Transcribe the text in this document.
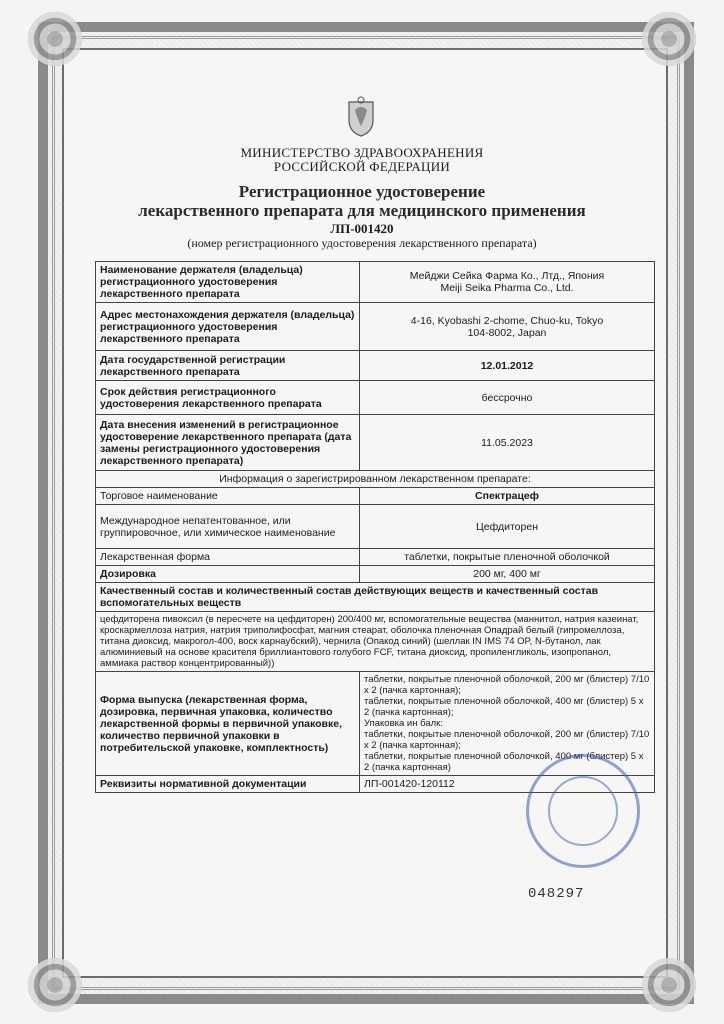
МИНИСТЕРСТВО ЗДРАВООХРАНЕНИЯ
РОССИЙСКОЙ ФЕДЕРАЦИИ
Регистрационное удостоверение
лекарственного препарата для медицинского применения
ЛП-001420
(номер регистрационного удостоверения лекарственного препарата)
Наименование держателя (владельца) регистрационного удостоверения лекарственного препарата	Мейджи Сейка Фарма Ко., Лтд., Япония
Meiji Seika Pharma Co., Ltd.

Адрес местонахождения держателя (владельца) регистрационного удостоверения лекарственного препарата	4-16, Kyobashi 2-chome, Chuo-ku, Tokyo
104-8002, Japan

Дата государственной регистрации лекарственного препарата	12.01.2012
Срок действия регистрационного удостоверения лекарственного препарата	бессрочно
Дата внесения изменений в регистрационное удостоверение лекарственного препарата (дата замены регистрационного удостоверения лекарственного препарата)	11.05.2023
Информация о зарегистрированном лекарственном препарате:	
Торговое наименование	Спектрацеф
Международное непатентованное, или группировочное, или химическое наименование	Цефдиторен
Лекарственная форма	таблетки, покрытые пленочной оболочкой
Дозировка	200 мг, 400 мг
Качественный состав и количественный состав действующих веществ и качественный состав вспомогательных веществ	
цефдиторена пивоксил (в пересчете на цефдиторен) 200/400 мг, вспомогательные вещества (маннитол, натрия казеинат, кроскармеллоза натрия, натрия триполифосфат, магния стеарат, оболочка пленочная Опадрай белый (гипромеллоза, титана диоксид, макрогол-400, воск карнаубский), чернила (Опакод синий) (шеллак IN IMS 74 OP, N-бутанол, лак алюминиевый на основе красителя бриллиантового голубого FCF, титана диоксид, пропиленгликоль, изопропанол, аммиака раствор концентрированный))	
Форма выпуска (лекарственная форма, дозировка, первичная упаковка, количество лекарственной формы в первичной упаковке, количество первичной упаковки в потребительской упаковке, комплектность)	таблетки, покрытые пленочной оболочкой, 200 мг (блистер) 7/10 х 2 (пачка картонная);
таблетки, покрытые пленочной оболочкой, 400 мг (блистер) 5 х 2 (пачка картонная);
Упаковка ин балк:
таблетки, покрытые пленочной оболочкой, 200 мг (блистер) 7/10 х 2 (пачка картонная);
таблетки, покрытые пленочной оболочкой, 400 мг (блистер) 5 х 2 (пачка картонная)

Реквизиты нормативной документации	ЛП-001420-120112
048297
